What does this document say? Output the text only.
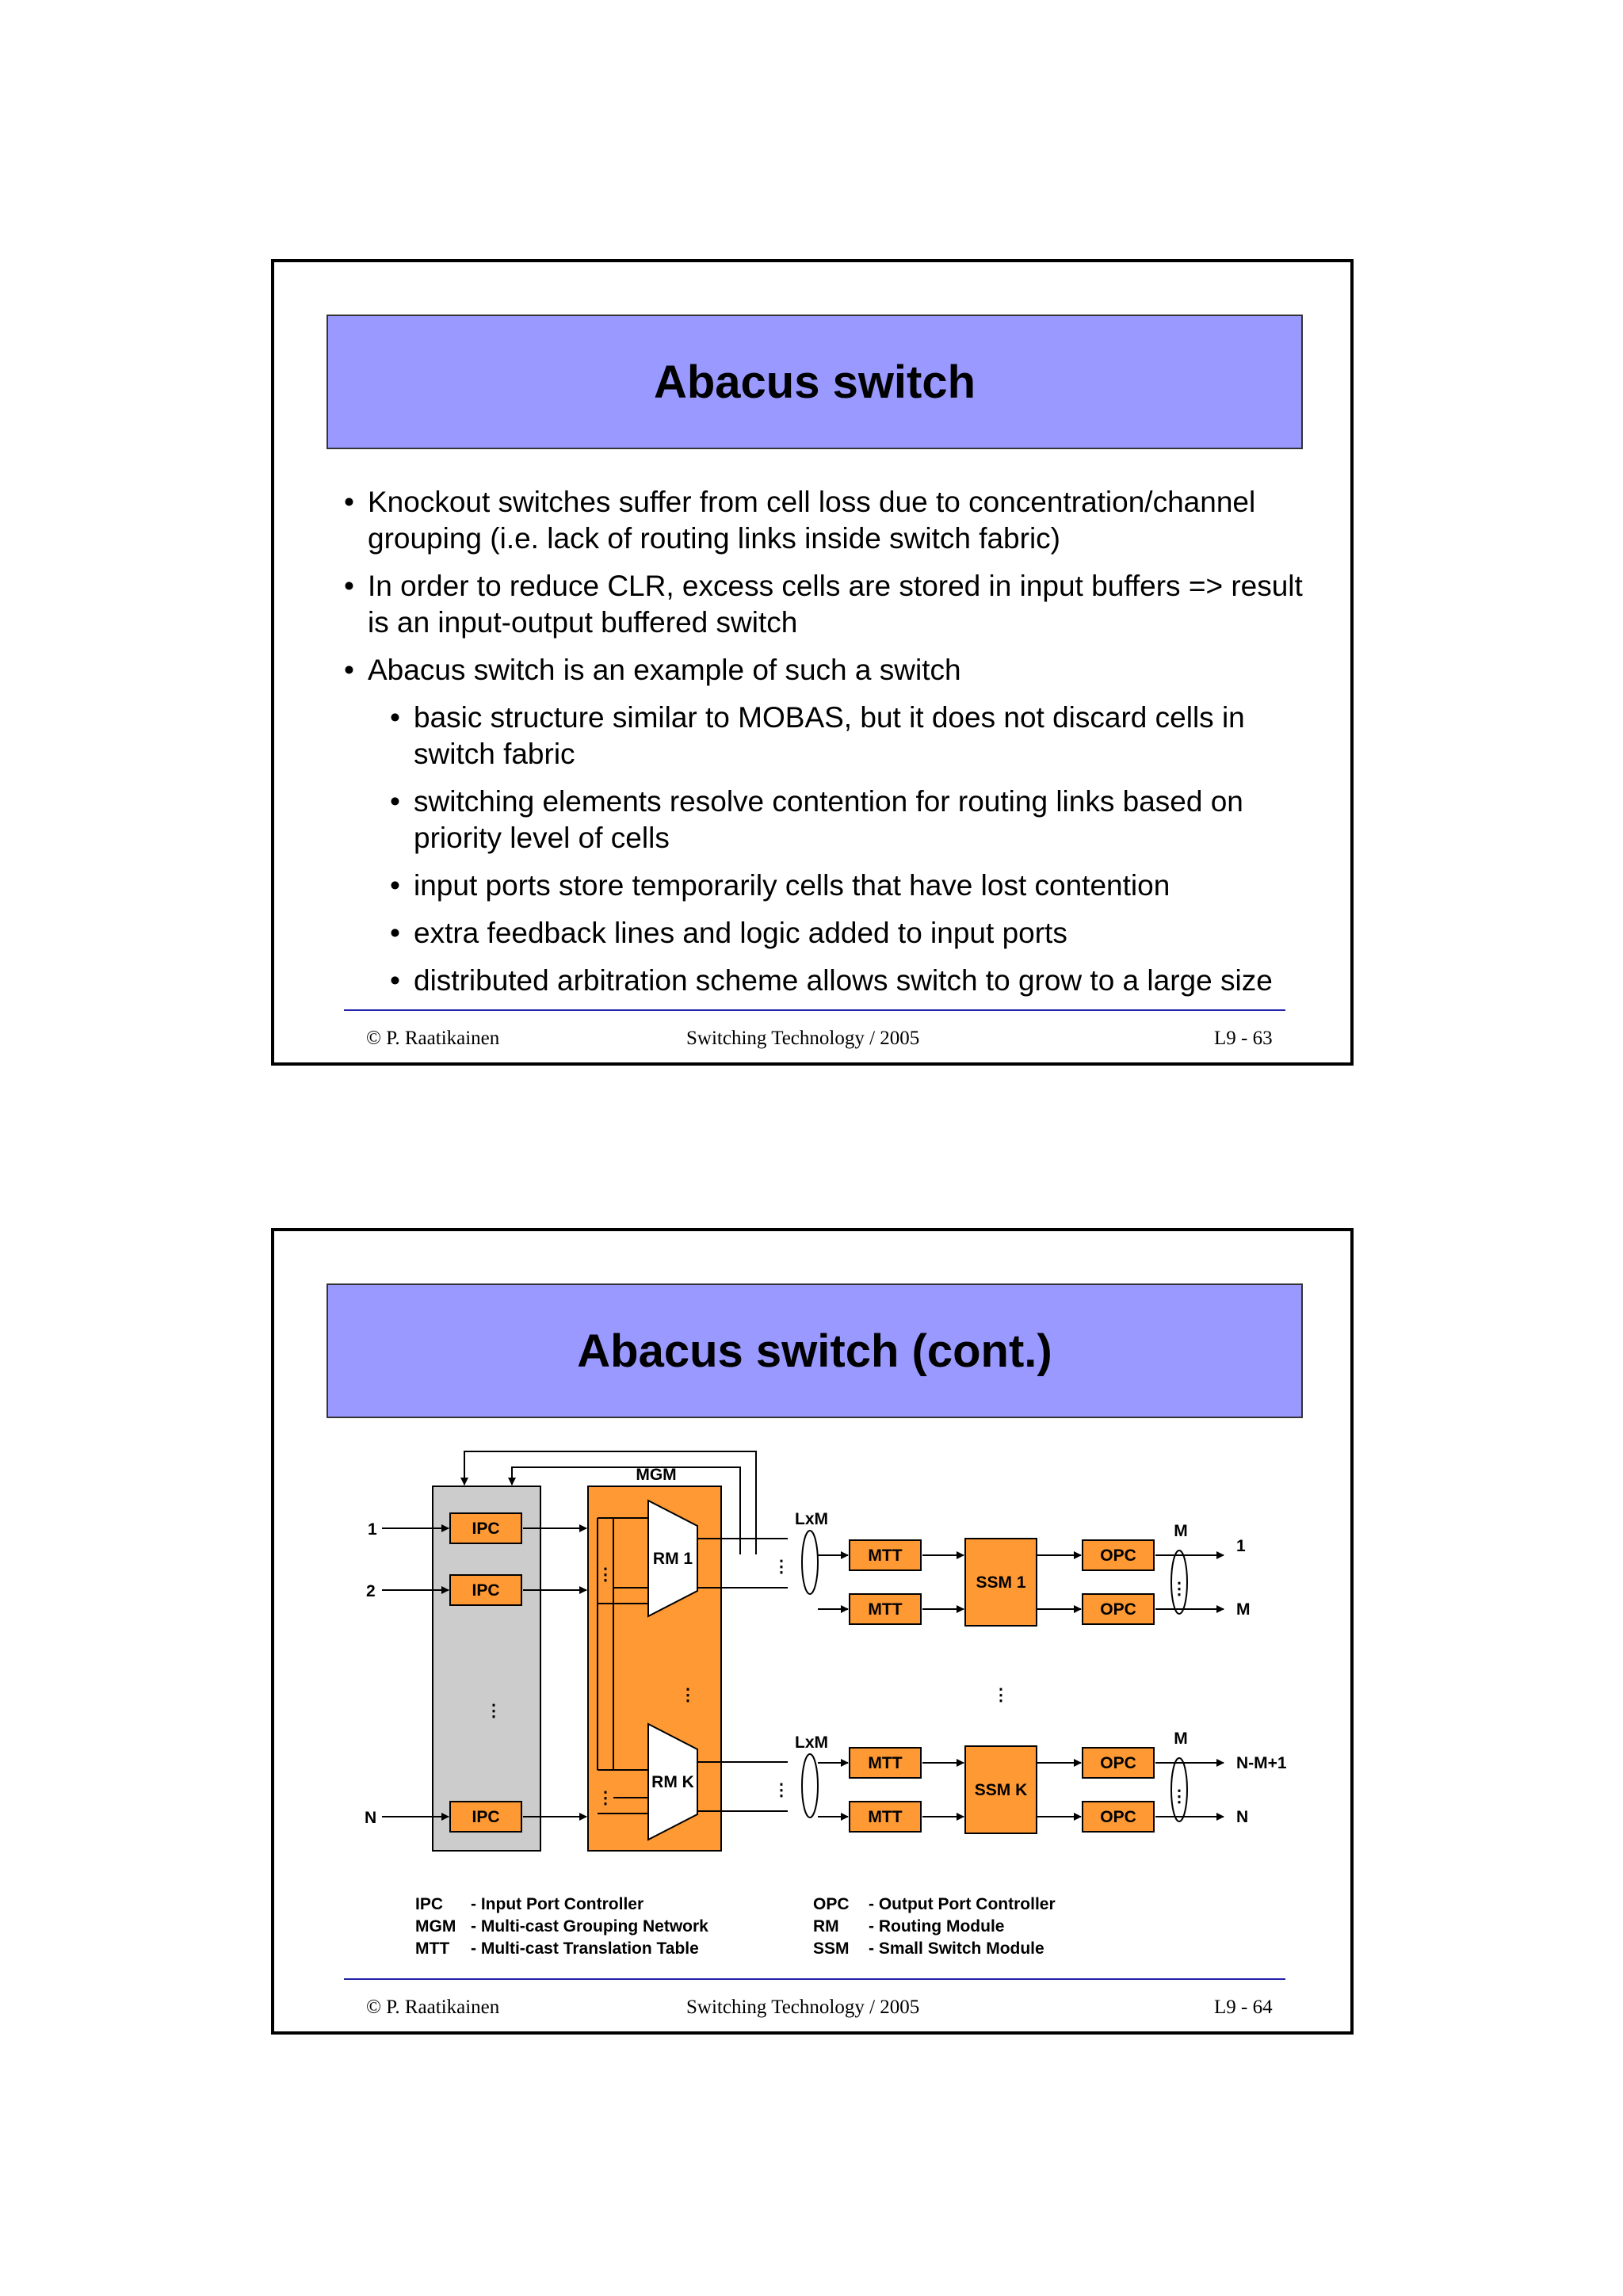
Abacus switch
• Knockout switches suffer from cell loss due to concentration/channel grouping (i.e. lack of routing links inside switch fabric)
• In order to reduce CLR, excess cells are stored in input buffers => result is an input-output buffered switch
• Abacus switch is an example of such a switch
• basic structure similar to MOBAS, but it does not discard cells in switch fabric
• switching elements resolve contention for routing links based on priority level of cells
• input ports store temporarily cells that have lost contention
• extra feedback lines and logic added to input ports
• distributed arbitration scheme allows switch to grow to a large size
© P. Raatikainen	Switching Technology / 2005	L9 - 63
Abacus switch (cont.)
MGM
⋮
⋮
RM 1
RM K
⋮
IPC
IPC
IPC
⋮
1
2
N
⋮
⋮
LxM
LxM
MTT
MTT
MTT
MTT
SSM 1
SSM K
⋮
OPC
OPC
OPC
OPC
M
M
⋮
⋮
1
M
N-M+1
N
IPC - Input Port Controller
MGM - Multi-cast Grouping Network
MTT - Multi-cast Translation Table
OPC - Output Port Controller
RM - Routing Module
SSM - Small Switch Module
© P. Raatikainen	Switching Technology / 2005	L9 - 64
